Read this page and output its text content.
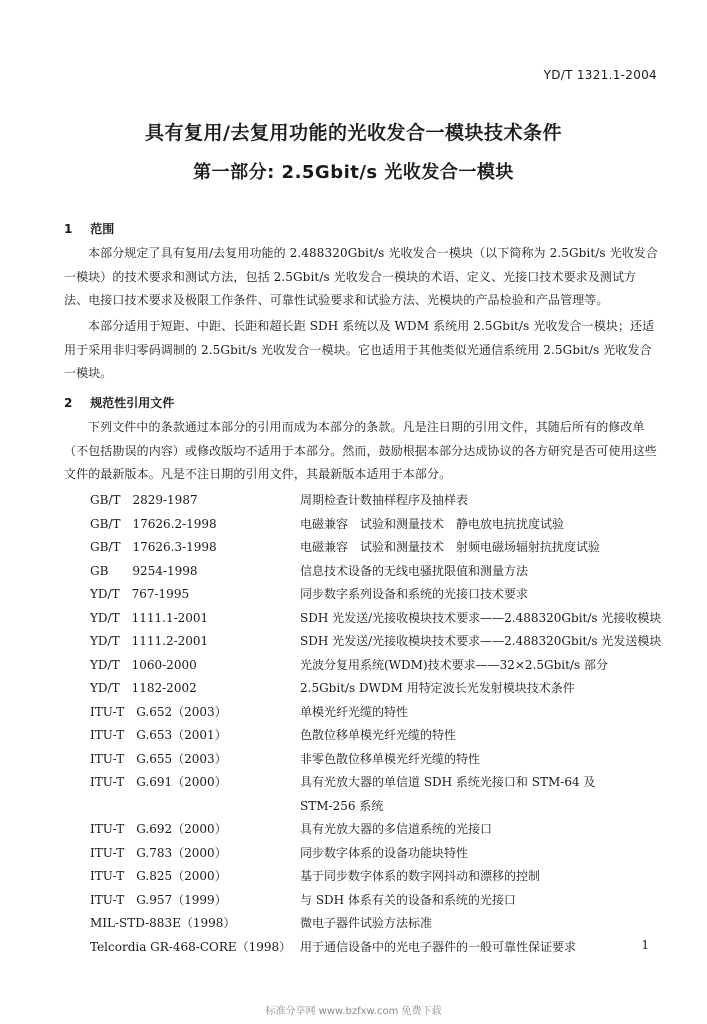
YD/T 1321.1-2004
具有复用/去复用功能的光收发合一模块技术条件
第一部分: 2.5Gbit/s 光收发合一模块
1 范围
本部分规定了具有复用/去复用功能的 2.488320Gbit/s 光收发合一模块（以下简称为 2.5Gbit/s 光收发合一模块）的技术要求和测试方法，包括 2.5Gbit/s 光收发合一模块的术语、定义、光接口技术要求及测试方法、电接口技术要求及极限工作条件、可靠性试验要求和试验方法、光模块的产品检验和产品管理等。
本部分适用于短距、中距、长距和超长距 SDH 系统以及 WDM 系统用 2.5Gbit/s 光收发合一模块；还适用于采用非归零码调制的 2.5Gbit/s 光收发合一模块。它也适用于其他类似光通信系统用 2.5Gbit/s 光收发合一模块。
2 规范性引用文件
下列文件中的条款通过本部分的引用而成为本部分的条款。凡是注日期的引用文件，其随后所有的修改单（不包括勘误的内容）或修改版均不适用于本部分。然而，鼓励根据本部分达成协议的各方研究是否可使用这些文件的最新版本。凡是不注日期的引用文件，其最新版本适用于本部分。
GB/T　2829-1987	周期检查计数抽样程序及抽样表
GB/T　17626.2-1998	电磁兼容　试验和测量技术　静电放电抗扰度试验
GB/T　17626.3-1998	电磁兼容　试验和测量技术　射频电磁场辐射抗扰度试验
GB　　9254-1998	信息技术设备的无线电骚扰限值和测量方法
YD/T　767-1995	同步数字系列设备和系统的光接口技术要求
YD/T　1111.1-2001	SDH 光发送/光接收模块技术要求——2.488320Gbit/s 光接收模块
YD/T　1111.2-2001	SDH 光发送/光接收模块技术要求——2.488320Gbit/s 光发送模块
YD/T　1060-2000	光波分复用系统(WDM)技术要求——32×2.5Gbit/s 部分
YD/T　1182-2002	2.5Gbit/s DWDM 用特定波长光发射模块技术条件
ITU-T　G.652（2003）	单模光纤光缆的特性
ITU-T　G.653（2001）	色散位移单模光纤光缆的特性
ITU-T　G.655（2003）	非零色散位移单模光纤光缆的特性
ITU-T　G.691（2000）	具有光放大器的单信道 SDH 系统光接口和 STM-64 及
STM-256 系统
ITU-T　G.692（2000）	具有光放大器的多信道系统的光接口
ITU-T　G.783（2000）	同步数字体系的设备功能块特性
ITU-T　G.825（2000）	基于同步数字体系的数字网抖动和漂移的控制
ITU-T　G.957（1999）	与 SDH 体系有关的设备和系统的光接口
MIL-STD-883E（1998）	微电子器件试验方法标准
Telcordia GR-468-CORE（1998） 用于通信设备中的光电子器件的一般可靠性保证要求	1
标准分享网 www.bzfxw.com 免费下载
